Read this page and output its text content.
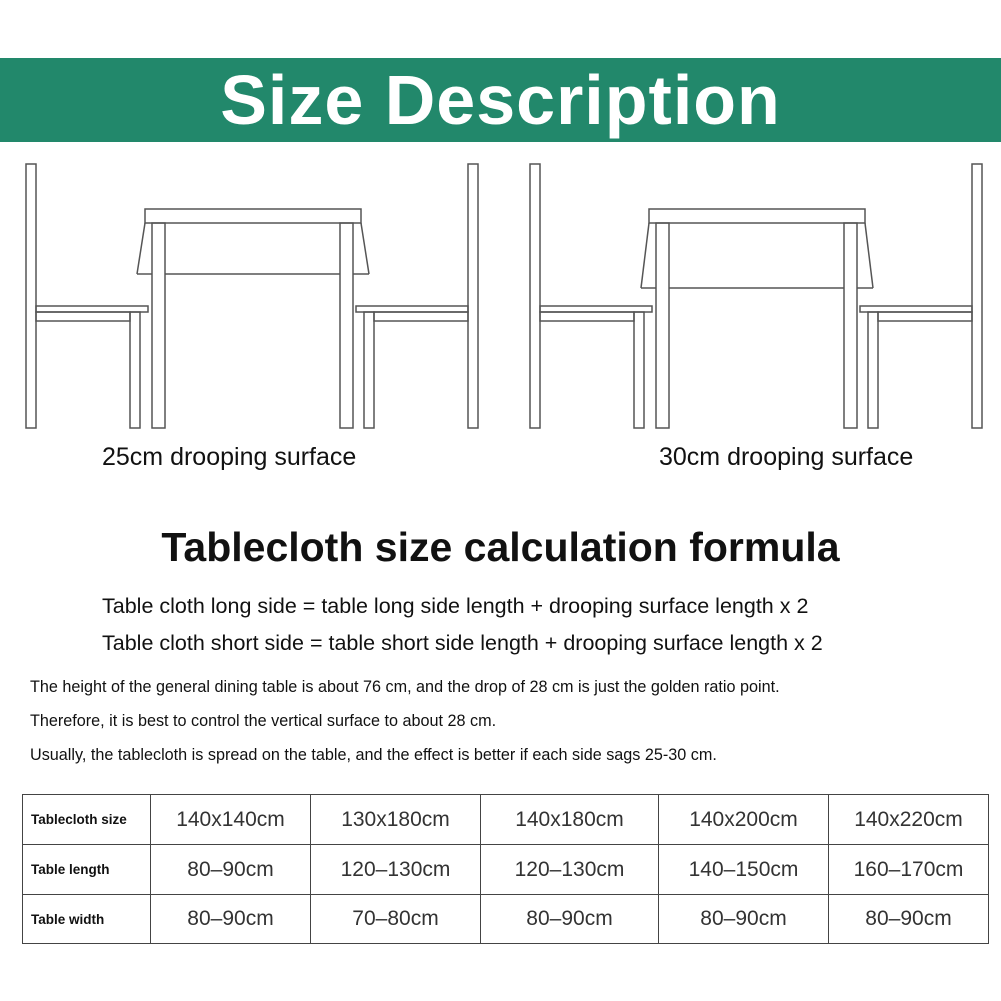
Size Description
25cm drooping surface	30cm drooping surface
Tablecloth size calculation formula
Table cloth long side = table long side length + drooping surface length x 2
Table cloth short side = table short side length + drooping surface length x 2
The height of the general dining table is about 76 cm, and the drop of 28 cm is just the golden ratio point.
Therefore, it is best to control the vertical surface to about 28 cm.
Usually, the tablecloth is spread on the table, and the effect is better if each side sags 25-30 cm.
Tablecloth size	140x140cm	130x180cm	140x180cm	140x200cm	140x220cm
Table length	80–90cm	120–130cm	120–130cm	140–150cm	160–170cm
Table width	80–90cm	70–80cm	80–90cm	80–90cm	80–90cm
